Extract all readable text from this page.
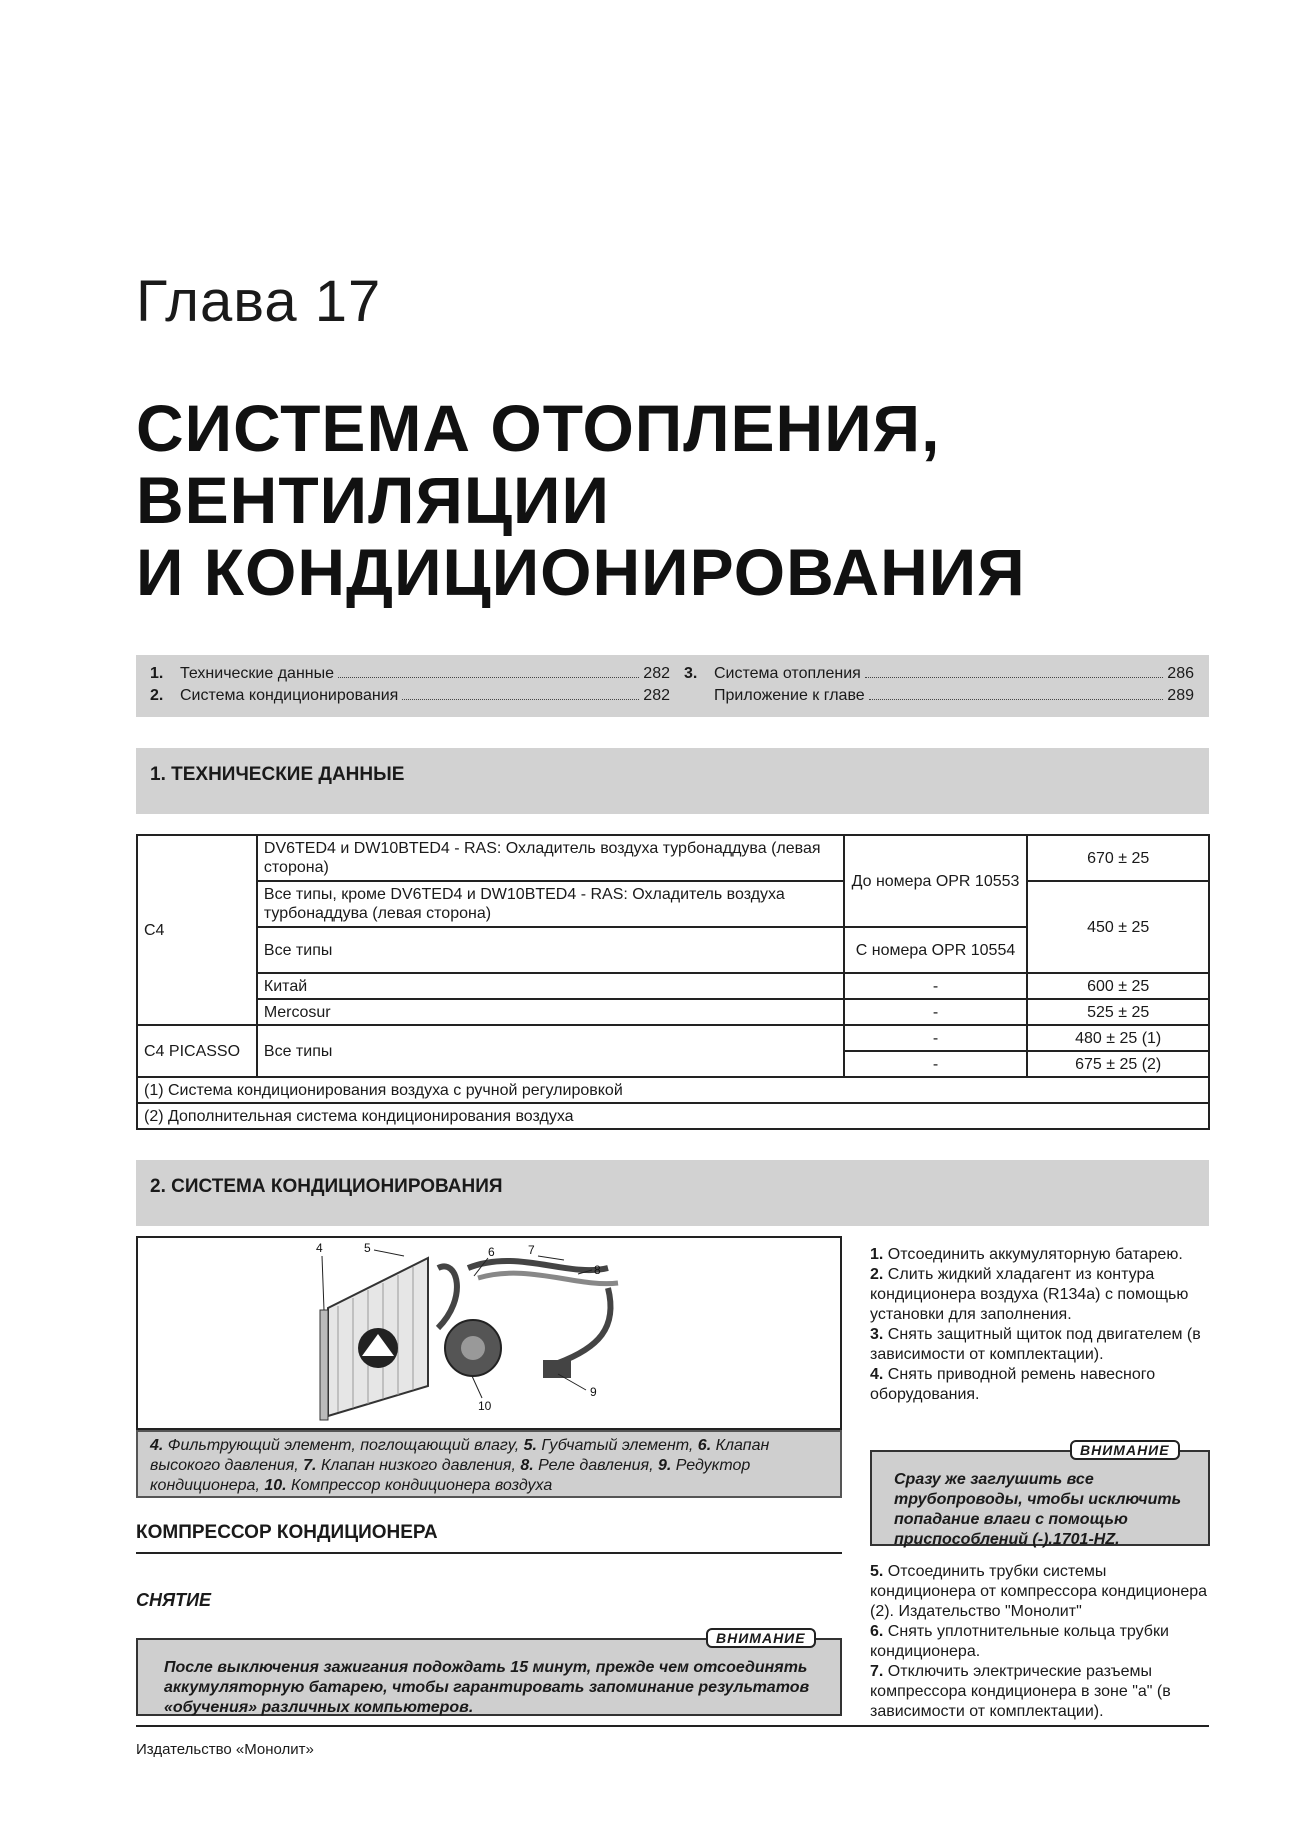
Глава 17
СИСТЕМА ОТОПЛЕНИЯ,
ВЕНТИЛЯЦИИ
И КОНДИЦИОНИРОВАНИЯ
1.	Технические данные	282
2.	Система кондиционирования	282
3.	Система отопления	286
Приложение к главе	289
1. ТЕХНИЧЕСКИЕ ДАННЫЕ
C4	DV6TED4 и DW10BTED4 - RAS: Охладитель воздуха турбонаддува (левая сторона)	До номера OPR 10553	670 ± 25
	Все типы, кроме DV6TED4 и DW10BTED4 - RAS: Охладитель воздуха турбонаддува (левая сторона)		450 ± 25
	Все типы	С номера OPR 10554	
	Китай	-	600 ± 25
	Mercosur	-	525 ± 25
C4 PICASSO	Все типы	-	480 ± 25 (1)
		-	675 ± 25 (2)
(1) Система кондиционирования воздуха с ручной регулировкой			
(2) Дополнительная система кондиционирования воздуха			
2. СИСТЕМА КОНДИЦИОНИРОВАНИЯ
4	5	6	7
8
9
10
4. Фильтрующий элемент, поглощающий влагу, 5. Губчатый элемент, 6. Клапан высокого давления, 7. Клапан низкого давления, 8. Реле давления, 9. Редуктор кондиционера, 10. Компрессор кондиционера воздуха
КОМПРЕССОР КОНДИЦИОНЕРА
СНЯТИЕ
После выключения зажигания подождать 15 минут, прежде чем отсоединять аккумуляторную батарею, чтобы гарантировать запоминание результатов «обучения» различных компьютеров.
ВНИМАНИЕ

1. Отсоединить аккумуляторную батарею.

2. Слить жидкий хладагент из контура кондиционера воздуха (R134a) с помощью установки для заполнения.

3. Снять защитный щиток под двигателем (в зависимости от комплектации).

4. Снять приводной ремень навесного оборудования.

Сразу же заглушить все трубопроводы, чтобы исключить попадание влаги с помощью приспособлений (-).1701-HZ.
ВНИМАНИЕ

5. Отсоединить трубки системы кондиционера от компрессора кондиционера (2). Издательство "Монолит"

6. Снять уплотнительные кольца трубки кондиционера.

7. Отключить электрические разъемы компрессора кондиционера в зоне "а" (в зависимости от комплектации).

Издательство «Монолит»
